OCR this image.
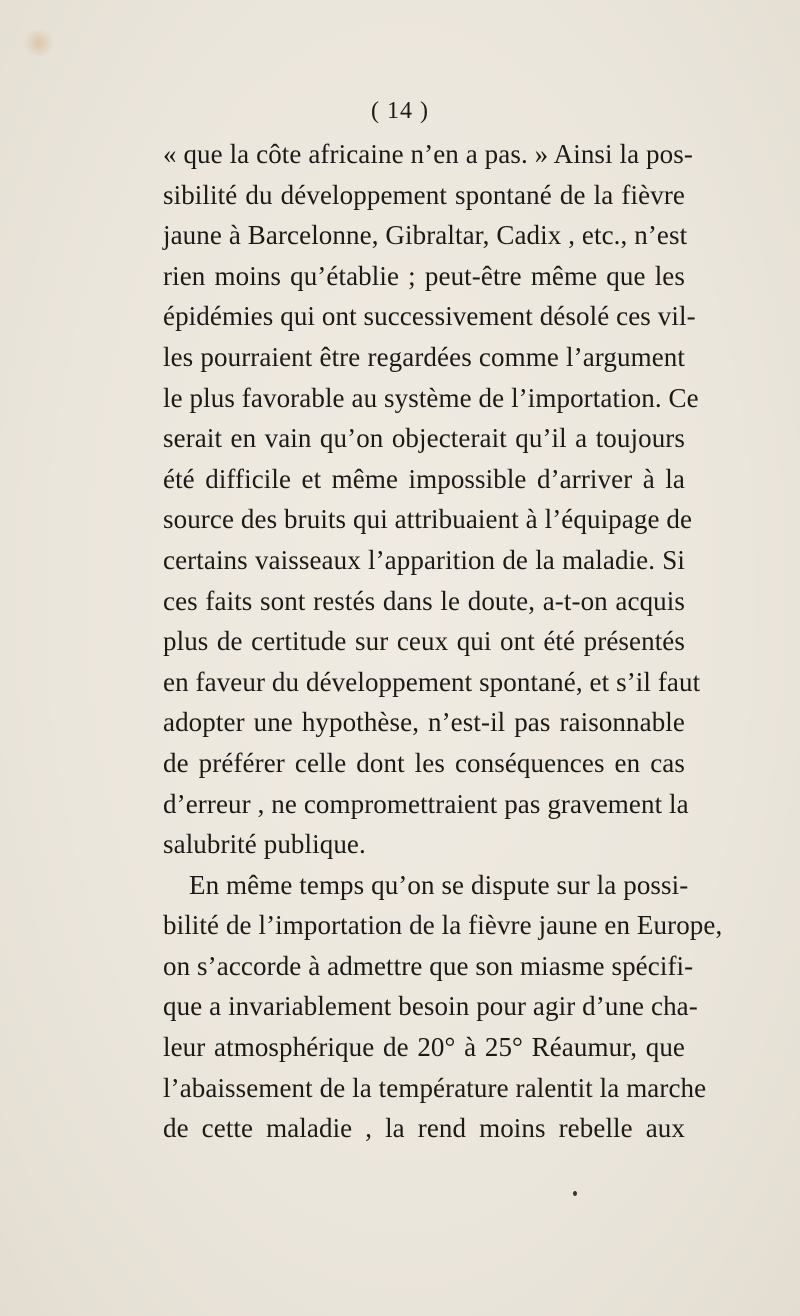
( 14 )
« que la côte africaine n’en a pas. » Ainsi la pos-
sibilité du développement spontané de la fièvre
jaune à Barcelonne, Gibraltar, Cadix , etc., n’est
rien moins qu’établie ; peut-être même que les
épidémies qui ont successivement désolé ces vil-
les pourraient être regardées comme l’argument
le plus favorable au système de l’importation. Ce
serait en vain qu’on objecterait qu’il a toujours
été difficile et même impossible d’arriver à la
source des bruits qui attribuaient à l’équipage de
certains vaisseaux l’apparition de la maladie. Si
ces faits sont restés dans le doute, a-t-on acquis
plus de certitude sur ceux qui ont été présentés
en faveur du développement spontané, et s’il faut
adopter une hypothèse, n’est-il pas raisonnable
de préférer celle dont les conséquences en cas
d’erreur , ne compromettraient pas gravement la
salubrité publique.
En même temps qu’on se dispute sur la possi-
bilité de l’importation de la fièvre jaune en Europe,
on s’accorde à admettre que son miasme spécifi-
que a invariablement besoin pour agir d’une cha-
leur atmosphérique de 20° à 25° Réaumur, que
l’abaissement de la température ralentit la marche
de cette maladie , la rend moins rebelle aux
